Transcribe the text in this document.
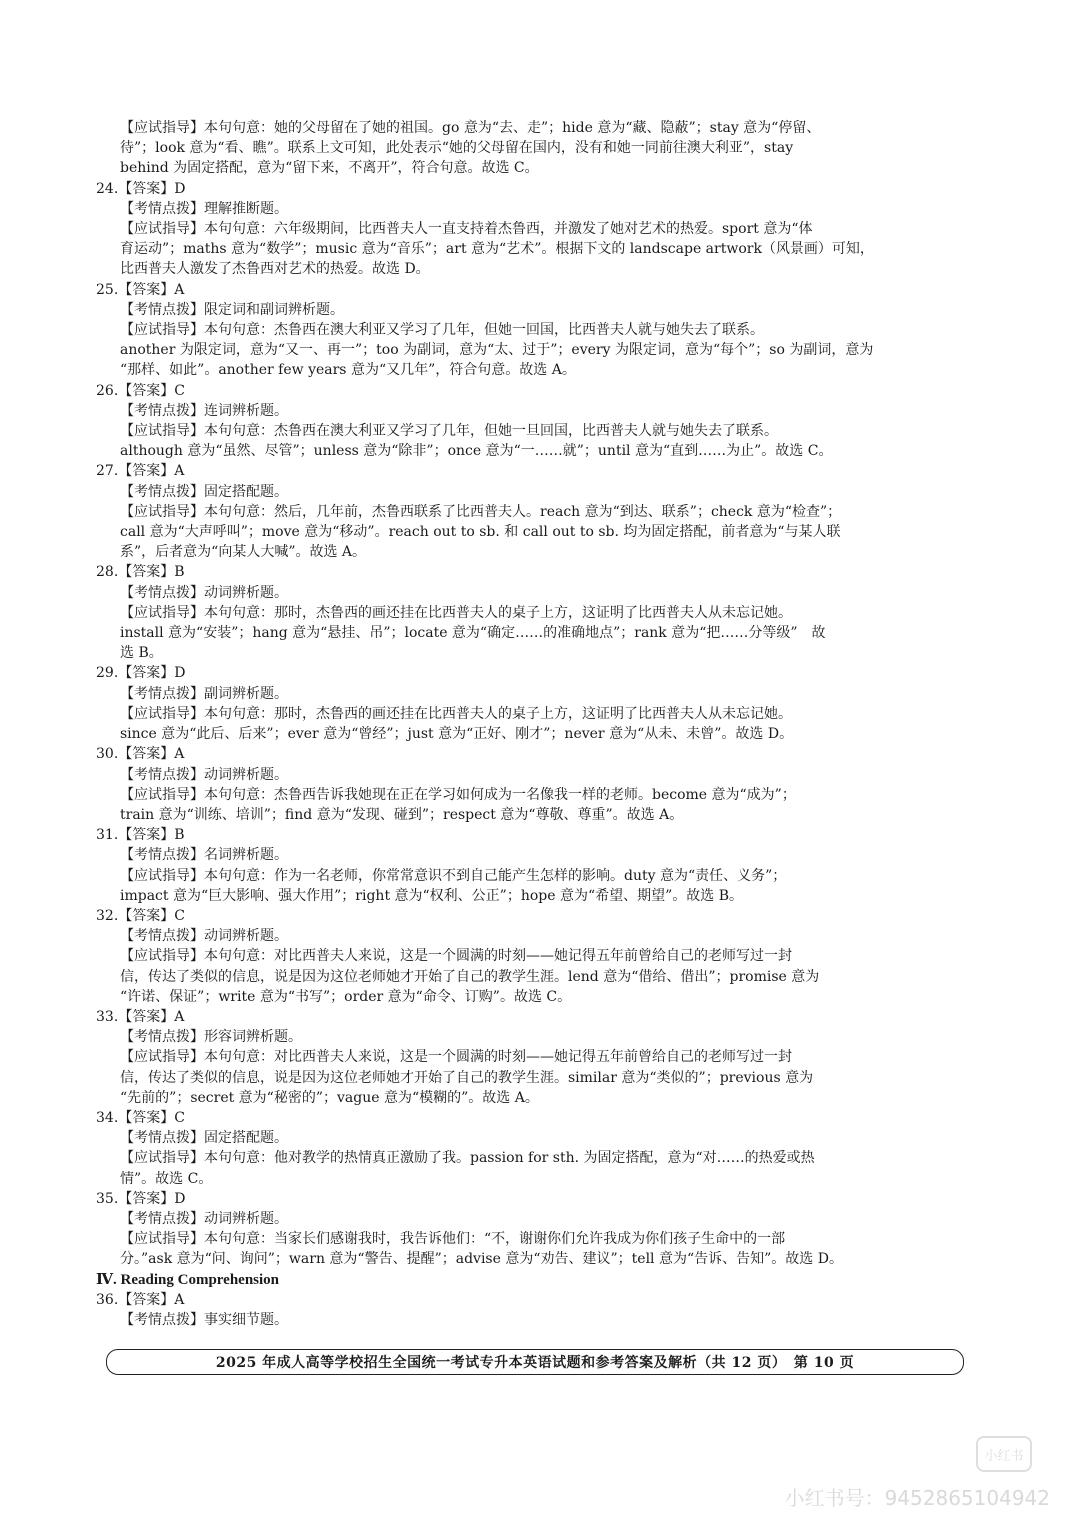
【应试指导】本句句意：她的父母留在了她的祖国。go 意为“去、走”；hide 意为“藏、隐蔽”；stay 意为“停留、
待”；look 意为“看、瞧”。联系上文可知，此处表示“她的父母留在国内，没有和她一同前往澳大利亚”，stay
behind 为固定搭配，意为“留下来，不离开”，符合句意。故选 C。
24.【答案】D
【考情点拨】理解推断题。
【应试指导】本句句意：六年级期间，比西普夫人一直支持着杰鲁西，并激发了她对艺术的热爱。sport 意为“体
育运动”；maths 意为“数学”；music 意为“音乐”；art 意为“艺术”。根据下文的 landscape artwork（风景画）可知，
比西普夫人激发了杰鲁西对艺术的热爱。故选 D。
25.【答案】A
【考情点拨】限定词和副词辨析题。
【应试指导】本句句意：杰鲁西在澳大利亚又学习了几年，但她一回国，比西普夫人就与她失去了联系。
another 为限定词，意为“又一、再一”；too 为副词，意为“太、过于”；every 为限定词，意为“每个”；so 为副词，意为
“那样、如此”。another few years 意为“又几年”，符合句意。故选 A。
26.【答案】C
【考情点拨】连词辨析题。
【应试指导】本句句意：杰鲁西在澳大利亚又学习了几年，但她一旦回国，比西普夫人就与她失去了联系。
although 意为“虽然、尽管”；unless 意为“除非”；once 意为“一……就”；until 意为“直到……为止”。故选 C。
27.【答案】A
【考情点拨】固定搭配题。
【应试指导】本句句意：然后，几年前，杰鲁西联系了比西普夫人。reach 意为“到达、联系”；check 意为“检查”；
call 意为“大声呼叫”；move 意为“移动”。reach out to sb. 和 call out to sb. 均为固定搭配，前者意为“与某人联
系”，后者意为“向某人大喊”。故选 A。
28.【答案】B
【考情点拨】动词辨析题。
【应试指导】本句句意：那时，杰鲁西的画还挂在比西普夫人的桌子上方，这证明了比西普夫人从未忘记她。
install 意为“安装”；hang 意为“悬挂、吊”；locate 意为“确定……的准确地点”；rank 意为“把……分等级”　故
选 B。
29.【答案】D
【考情点拨】副词辨析题。
【应试指导】本句句意：那时，杰鲁西的画还挂在比西普夫人的桌子上方，这证明了比西普夫人从未忘记她。
since 意为“此后、后来”；ever 意为“曾经”；just 意为“正好、刚才”；never 意为“从未、未曾”。故选 D。
30.【答案】A
【考情点拨】动词辨析题。
【应试指导】本句句意：杰鲁西告诉我她现在正在学习如何成为一名像我一样的老师。become 意为“成为”；
train 意为“训练、培训”；find 意为“发现、碰到”；respect 意为“尊敬、尊重”。故选 A。
31.【答案】B
【考情点拨】名词辨析题。
【应试指导】本句句意：作为一名老师，你常常意识不到自己能产生怎样的影响。duty 意为“责任、义务”；
impact 意为“巨大影响、强大作用”；right 意为“权利、公正”；hope 意为“希望、期望”。故选 B。
32.【答案】C
【考情点拨】动词辨析题。
【应试指导】本句句意：对比西普夫人来说，这是一个圆满的时刻——她记得五年前曾给自己的老师写过一封
信，传达了类似的信息，说是因为这位老师她才开始了自己的教学生涯。lend 意为“借给、借出”；promise 意为
“许诺、保证”；write 意为“书写”；order 意为“命令、订购”。故选 C。
33.【答案】A
【考情点拨】形容词辨析题。
【应试指导】本句句意：对比西普夫人来说，这是一个圆满的时刻——她记得五年前曾给自己的老师写过一封
信，传达了类似的信息，说是因为这位老师她才开始了自己的教学生涯。similar 意为“类似的”；previous 意为
“先前的”；secret 意为“秘密的”；vague 意为“模糊的”。故选 A。
34.【答案】C
【考情点拨】固定搭配题。
【应试指导】本句句意：他对教学的热情真正激励了我。passion for sth. 为固定搭配，意为“对……的热爱或热
情”。故选 C。
35.【答案】D
【考情点拨】动词辨析题。
【应试指导】本句句意：当家长们感谢我时，我告诉他们：“不，谢谢你们允许我成为你们孩子生命中的一部
分。”ask 意为“问、询问”；warn 意为“警告、提醒”；advise 意为“劝告、建议”；tell 意为“告诉、告知”。故选 D。
Ⅳ. Reading Comprehension
36.【答案】A
【考情点拨】事实细节题。
2025 年成人高等学校招生全国统一考试专升本英语试题和参考答案及解析（共 12 页）　第 10 页
小红书
小红书号：9452865104942
